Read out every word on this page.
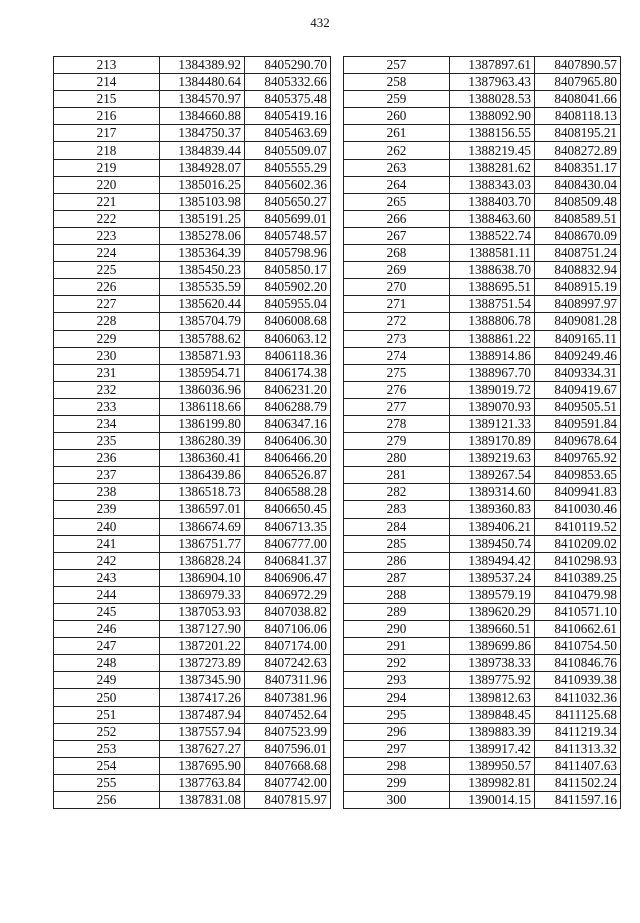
432
213	1384389.92	8405290.70
214	1384480.64	8405332.66
215	1384570.97	8405375.48
216	1384660.88	8405419.16
217	1384750.37	8405463.69
218	1384839.44	8405509.07
219	1384928.07	8405555.29
220	1385016.25	8405602.36
221	1385103.98	8405650.27
222	1385191.25	8405699.01
223	1385278.06	8405748.57
224	1385364.39	8405798.96
225	1385450.23	8405850.17
226	1385535.59	8405902.20
227	1385620.44	8405955.04
228	1385704.79	8406008.68
229	1385788.62	8406063.12
230	1385871.93	8406118.36
231	1385954.71	8406174.38
232	1386036.96	8406231.20
233	1386118.66	8406288.79
234	1386199.80	8406347.16
235	1386280.39	8406406.30
236	1386360.41	8406466.20
237	1386439.86	8406526.87
238	1386518.73	8406588.28
239	1386597.01	8406650.45
240	1386674.69	8406713.35
241	1386751.77	8406777.00
242	1386828.24	8406841.37
243	1386904.10	8406906.47
244	1386979.33	8406972.29
245	1387053.93	8407038.82
246	1387127.90	8407106.06
247	1387201.22	8407174.00
248	1387273.89	8407242.63
249	1387345.90	8407311.96
250	1387417.26	8407381.96
251	1387487.94	8407452.64
252	1387557.94	8407523.99
253	1387627.27	8407596.01
254	1387695.90	8407668.68
255	1387763.84	8407742.00
256	1387831.08	8407815.97
257	1387897.61	8407890.57
258	1387963.43	8407965.80
259	1388028.53	8408041.66
260	1388092.90	8408118.13
261	1388156.55	8408195.21
262	1388219.45	8408272.89
263	1388281.62	8408351.17
264	1388343.03	8408430.04
265	1388403.70	8408509.48
266	1388463.60	8408589.51
267	1388522.74	8408670.09
268	1388581.11	8408751.24
269	1388638.70	8408832.94
270	1388695.51	8408915.19
271	1388751.54	8408997.97
272	1388806.78	8409081.28
273	1388861.22	8409165.11
274	1388914.86	8409249.46
275	1388967.70	8409334.31
276	1389019.72	8409419.67
277	1389070.93	8409505.51
278	1389121.33	8409591.84
279	1389170.89	8409678.64
280	1389219.63	8409765.92
281	1389267.54	8409853.65
282	1389314.60	8409941.83
283	1389360.83	8410030.46
284	1389406.21	8410119.52
285	1389450.74	8410209.02
286	1389494.42	8410298.93
287	1389537.24	8410389.25
288	1389579.19	8410479.98
289	1389620.29	8410571.10
290	1389660.51	8410662.61
291	1389699.86	8410754.50
292	1389738.33	8410846.76
293	1389775.92	8410939.38
294	1389812.63	8411032.36
295	1389848.45	8411125.68
296	1389883.39	8411219.34
297	1389917.42	8411313.32
298	1389950.57	8411407.63
299	1389982.81	8411502.24
300	1390014.15	8411597.16
